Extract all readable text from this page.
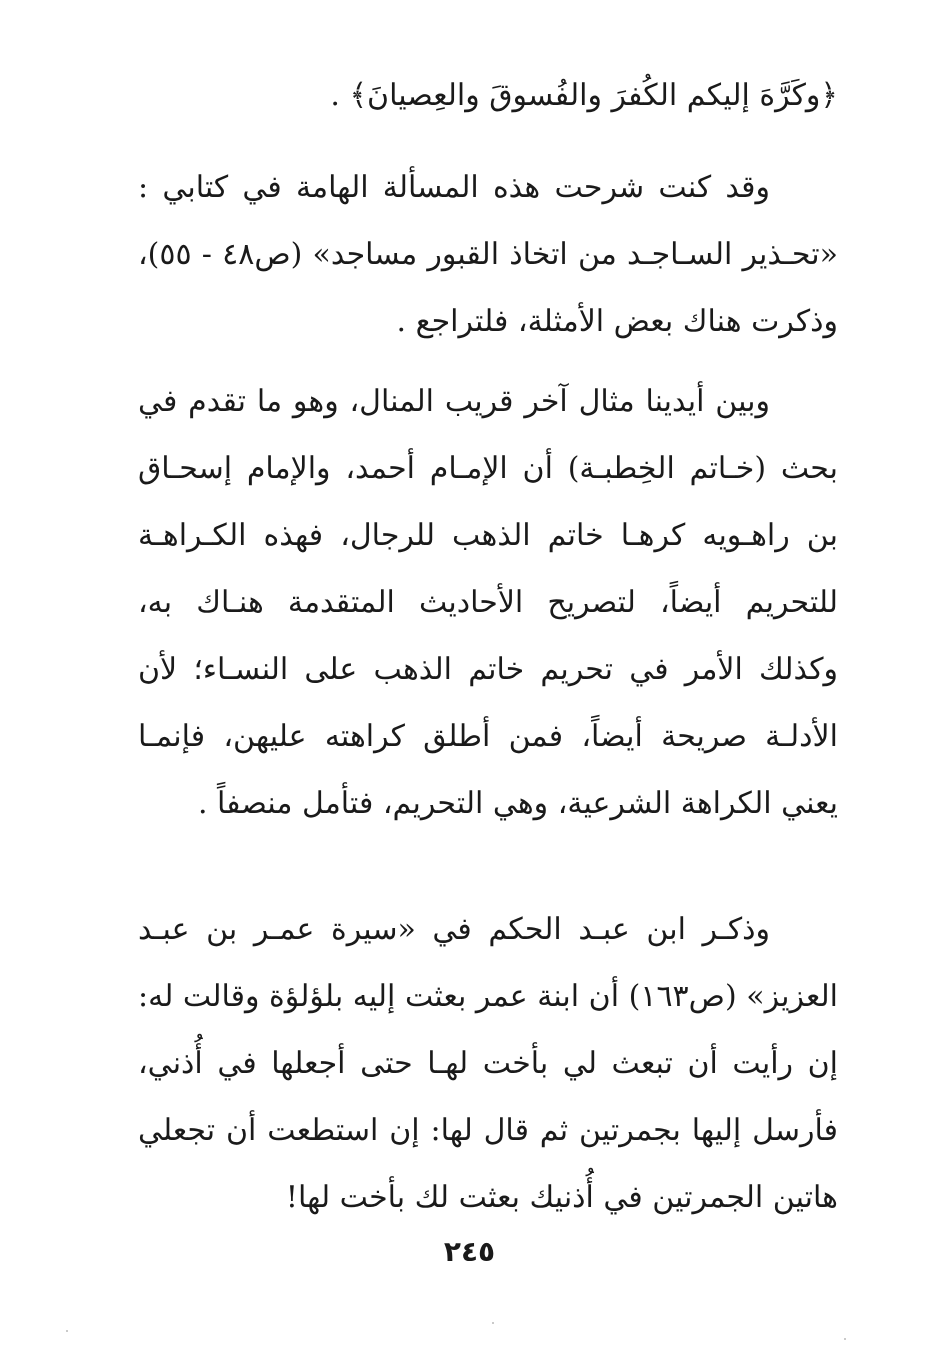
﴿وكَرَّهَ إليكم الكُفرَ والفُسوقَ والعِصيانَ﴾ .
وقد كنت شرحت هذه المسألة الهامة في كتابي : «تحـذير السـاجـد من اتخاذ القبور مساجد» (ص٤٨ - ٥٥)، وذكرت هناك بعض الأمثلة، فلتراجع .
وبين أيدينا مثال آخر قريب المنال، وهو ما تقدم في بحث (خـاتم الخِطبـة) أن الإمـام أحمد، والإمام إسحـاق بن راهـويه كرهـا خاتم الذهب للرجال، فهذه الكـراهـة للتحريم أيضاً، لتصريح الأحاديث المتقدمة هنـاك به، وكذلك الأمر في تحريم خاتم الذهب على النسـاء؛ لأن الأدلـة صريحة أيضاً، فمن أطلق كراهته عليهن، فإنمـا يعني الكراهة الشرعية، وهي التحريم، فتأمل منصفاً .
وذكـر ابن عبـد الحكم في «سيرة عمـر بن عبـد العزيز» (ص١٦٣) أن ابنة عمر بعثت إليه بلؤلؤة وقالت له: إن رأيت أن تبعث لي بأخت لهـا حتى أجعلها في أُذني، فأرسل إليها بجمرتين ثم قال لها: إن استطعت أن تجعلي هاتين الجمرتين في أُذنيك بعثت لك بأخت لها!
٢٤٥
